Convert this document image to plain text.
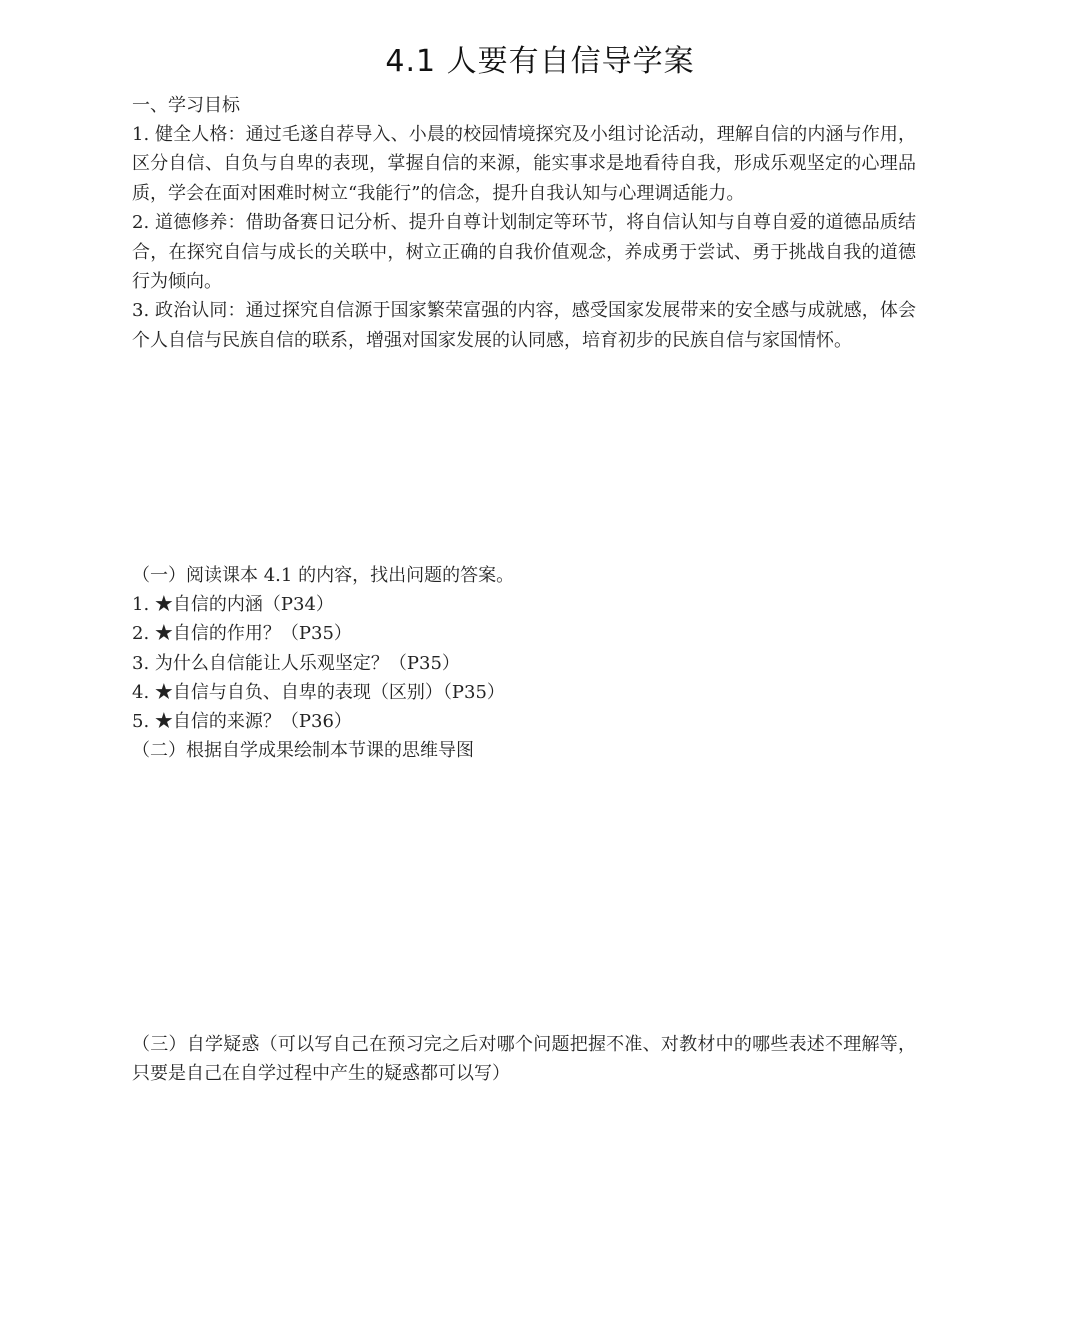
4.1 人要有自信导学案
一、学习目标

1. 健全人格：通过毛遂自荐导入、小晨的校园情境探究及小组讨论活动，理解自信的内涵与作用，区分自信、自负与自卑的表现，掌握自信的来源，能实事求是地看待自我，形成乐观坚定的心理品质，学会在面对困难时树立“我能行”的信念，提升自我认知与心理调适能力。

2. 道德修养：借助备赛日记分析、提升自尊计划制定等环节，将自信认知与自尊自爱的道德品质结合，在探究自信与成长的关联中，树立正确的自我价值观念，养成勇于尝试、勇于挑战自我的道德行为倾向。

3. 政治认同：通过探究自信源于国家繁荣富强的内容，感受国家发展带来的安全感与成就感，体会个人自信与民族自信的联系，增强对国家发展的认同感，培育初步的民族自信与家国情怀。

（一）阅读课本 4.1 的内容，找出问题的答案。
1. ★自信的内涵（P34）
2. ★自信的作用？（P35）
3. 为什么自信能让人乐观坚定？（P35）
4. ★自信与自负、自卑的表现（区别）（P35）
5. ★自信的来源？（P36）
（二）根据自学成果绘制本节课的思维导图
（三）自学疑惑（可以写自己在预习完之后对哪个问题把握不准、对教材中的哪些表述不理解等，只要是自己在自学过程中产生的疑惑都可以写）
